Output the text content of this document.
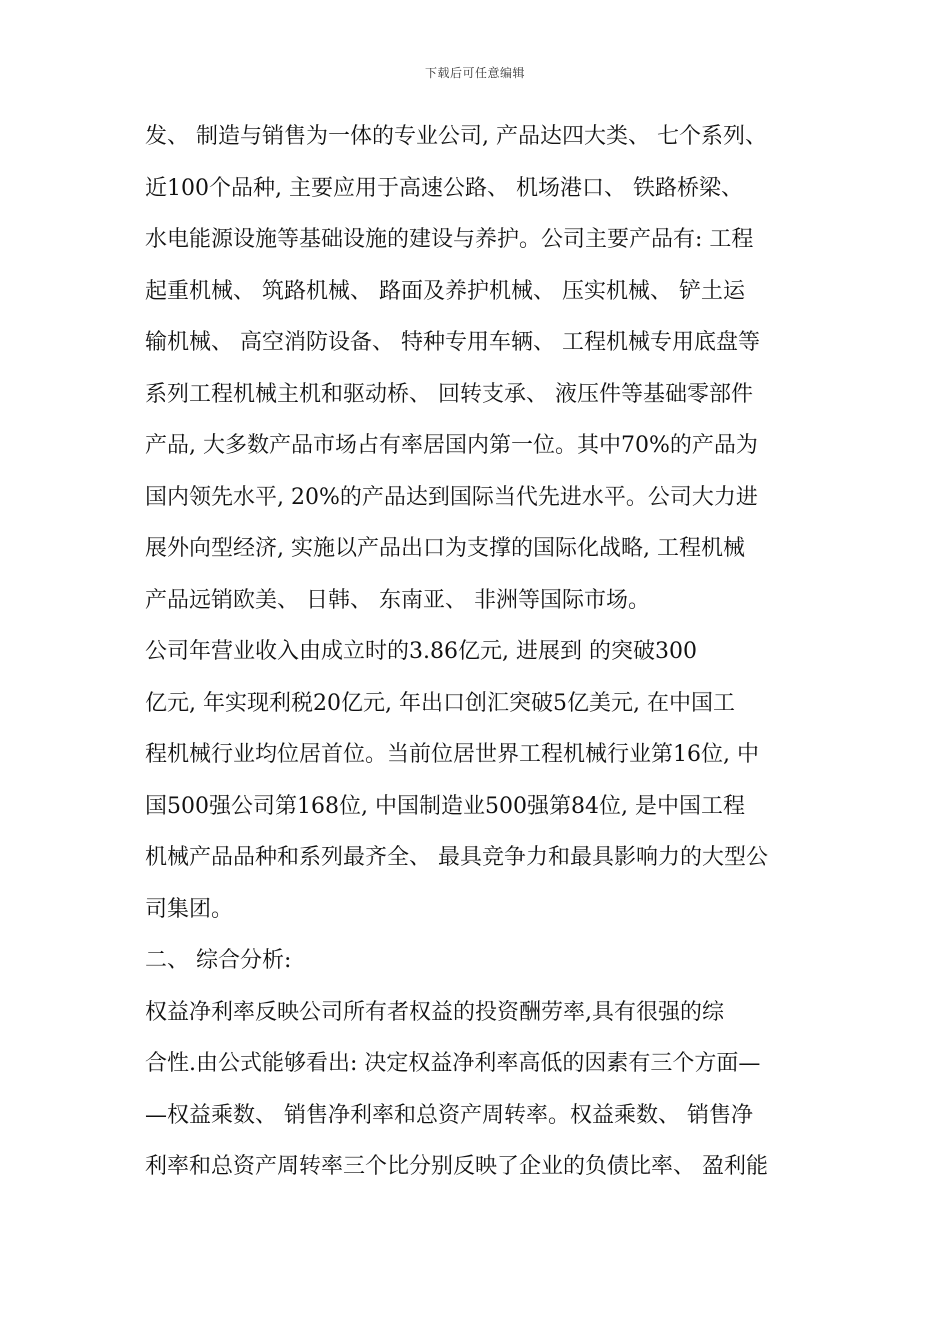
下载后可任意编辑
发、 制造与销售为一体的专业公司, 产品达四大类、 七个系列、
近100个品种, 主要应用于高速公路、 机场港口、 铁路桥梁、
水电能源设施等基础设施的建设与养护。公司主要产品有: 工程
起重机械、 筑路机械、 路面及养护机械、 压实机械、 铲土运
输机械、 高空消防设备、 特种专用车辆、 工程机械专用底盘等
系列工程机械主机和驱动桥、 回转支承、 液压件等基础零部件
产品, 大多数产品市场占有率居国内第一位。其中70%的产品为
国内领先水平, 20%的产品达到国际当代先进水平。公司大力进
展外向型经济, 实施以产品出口为支撑的国际化战略, 工程机械
产品远销欧美、 日韩、 东南亚、 非洲等国际市场。
公司年营业收入由成立时的3.86亿元, 进展到 的突破300
亿元, 年实现利税20亿元, 年出口创汇突破5亿美元, 在中国工
程机械行业均位居首位。当前位居世界工程机械行业第16位, 中
国500强公司第168位, 中国制造业500强第84位, 是中国工程
机械产品品种和系列最齐全、 最具竞争力和最具影响力的大型公
司集团。
二、 综合分析:
权益净利率反映公司所有者权益的投资酬劳率,具有很强的综
合性.由公式能够看出: 决定权益净利率高低的因素有三个方面—
—权益乘数、 销售净利率和总资产周转率。权益乘数、 销售净
利率和总资产周转率三个比分别反映了企业的负债比率、 盈利能
